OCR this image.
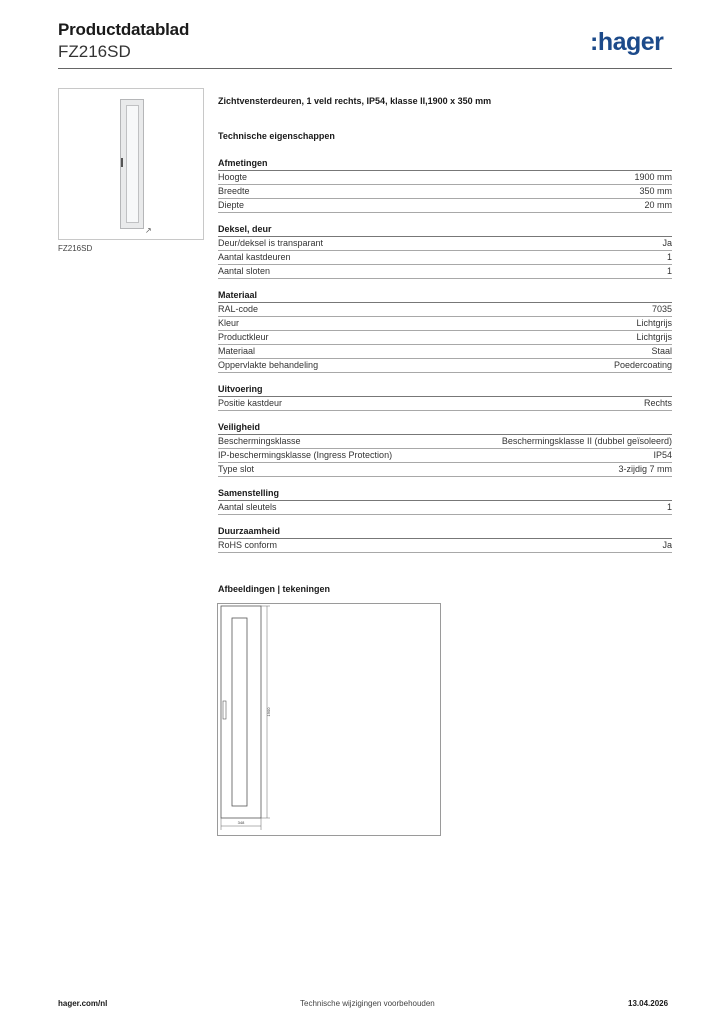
Productdatablad
FZ216SD	:hager
↗
FZ216SD
Zichtvensterdeuren, 1 veld rechts, IP54, klasse II,1900 x 350 mm
Technische eigenschappen
Afmetingen
Hoogte	1900 mm
Breedte	350 mm
Diepte	20 mm
Deksel, deur
Deur/deksel is transparant	Ja
Aantal kastdeuren	1
Aantal sloten	1
Materiaal
RAL-code	7035
Kleur	Lichtgrijs
Productkleur	Lichtgrijs
Materiaal	Staal
Oppervlakte behandeling	Poedercoating
Uitvoering
Positie kastdeur	Rechts
Veiligheid
Beschermingsklasse	Beschermingsklasse II (dubbel geïsoleerd)
IP-beschermingsklasse (Ingress Protection)	IP54
Type slot	3-zijdig 7 mm
Samenstelling
Aantal sleutels	1
Duurzaamheid
RoHS conform	Ja
Afbeeldingen | tekeningen
1900
348
hager.com/nl	Technische wijzigingen voorbehouden	13.04.2026
